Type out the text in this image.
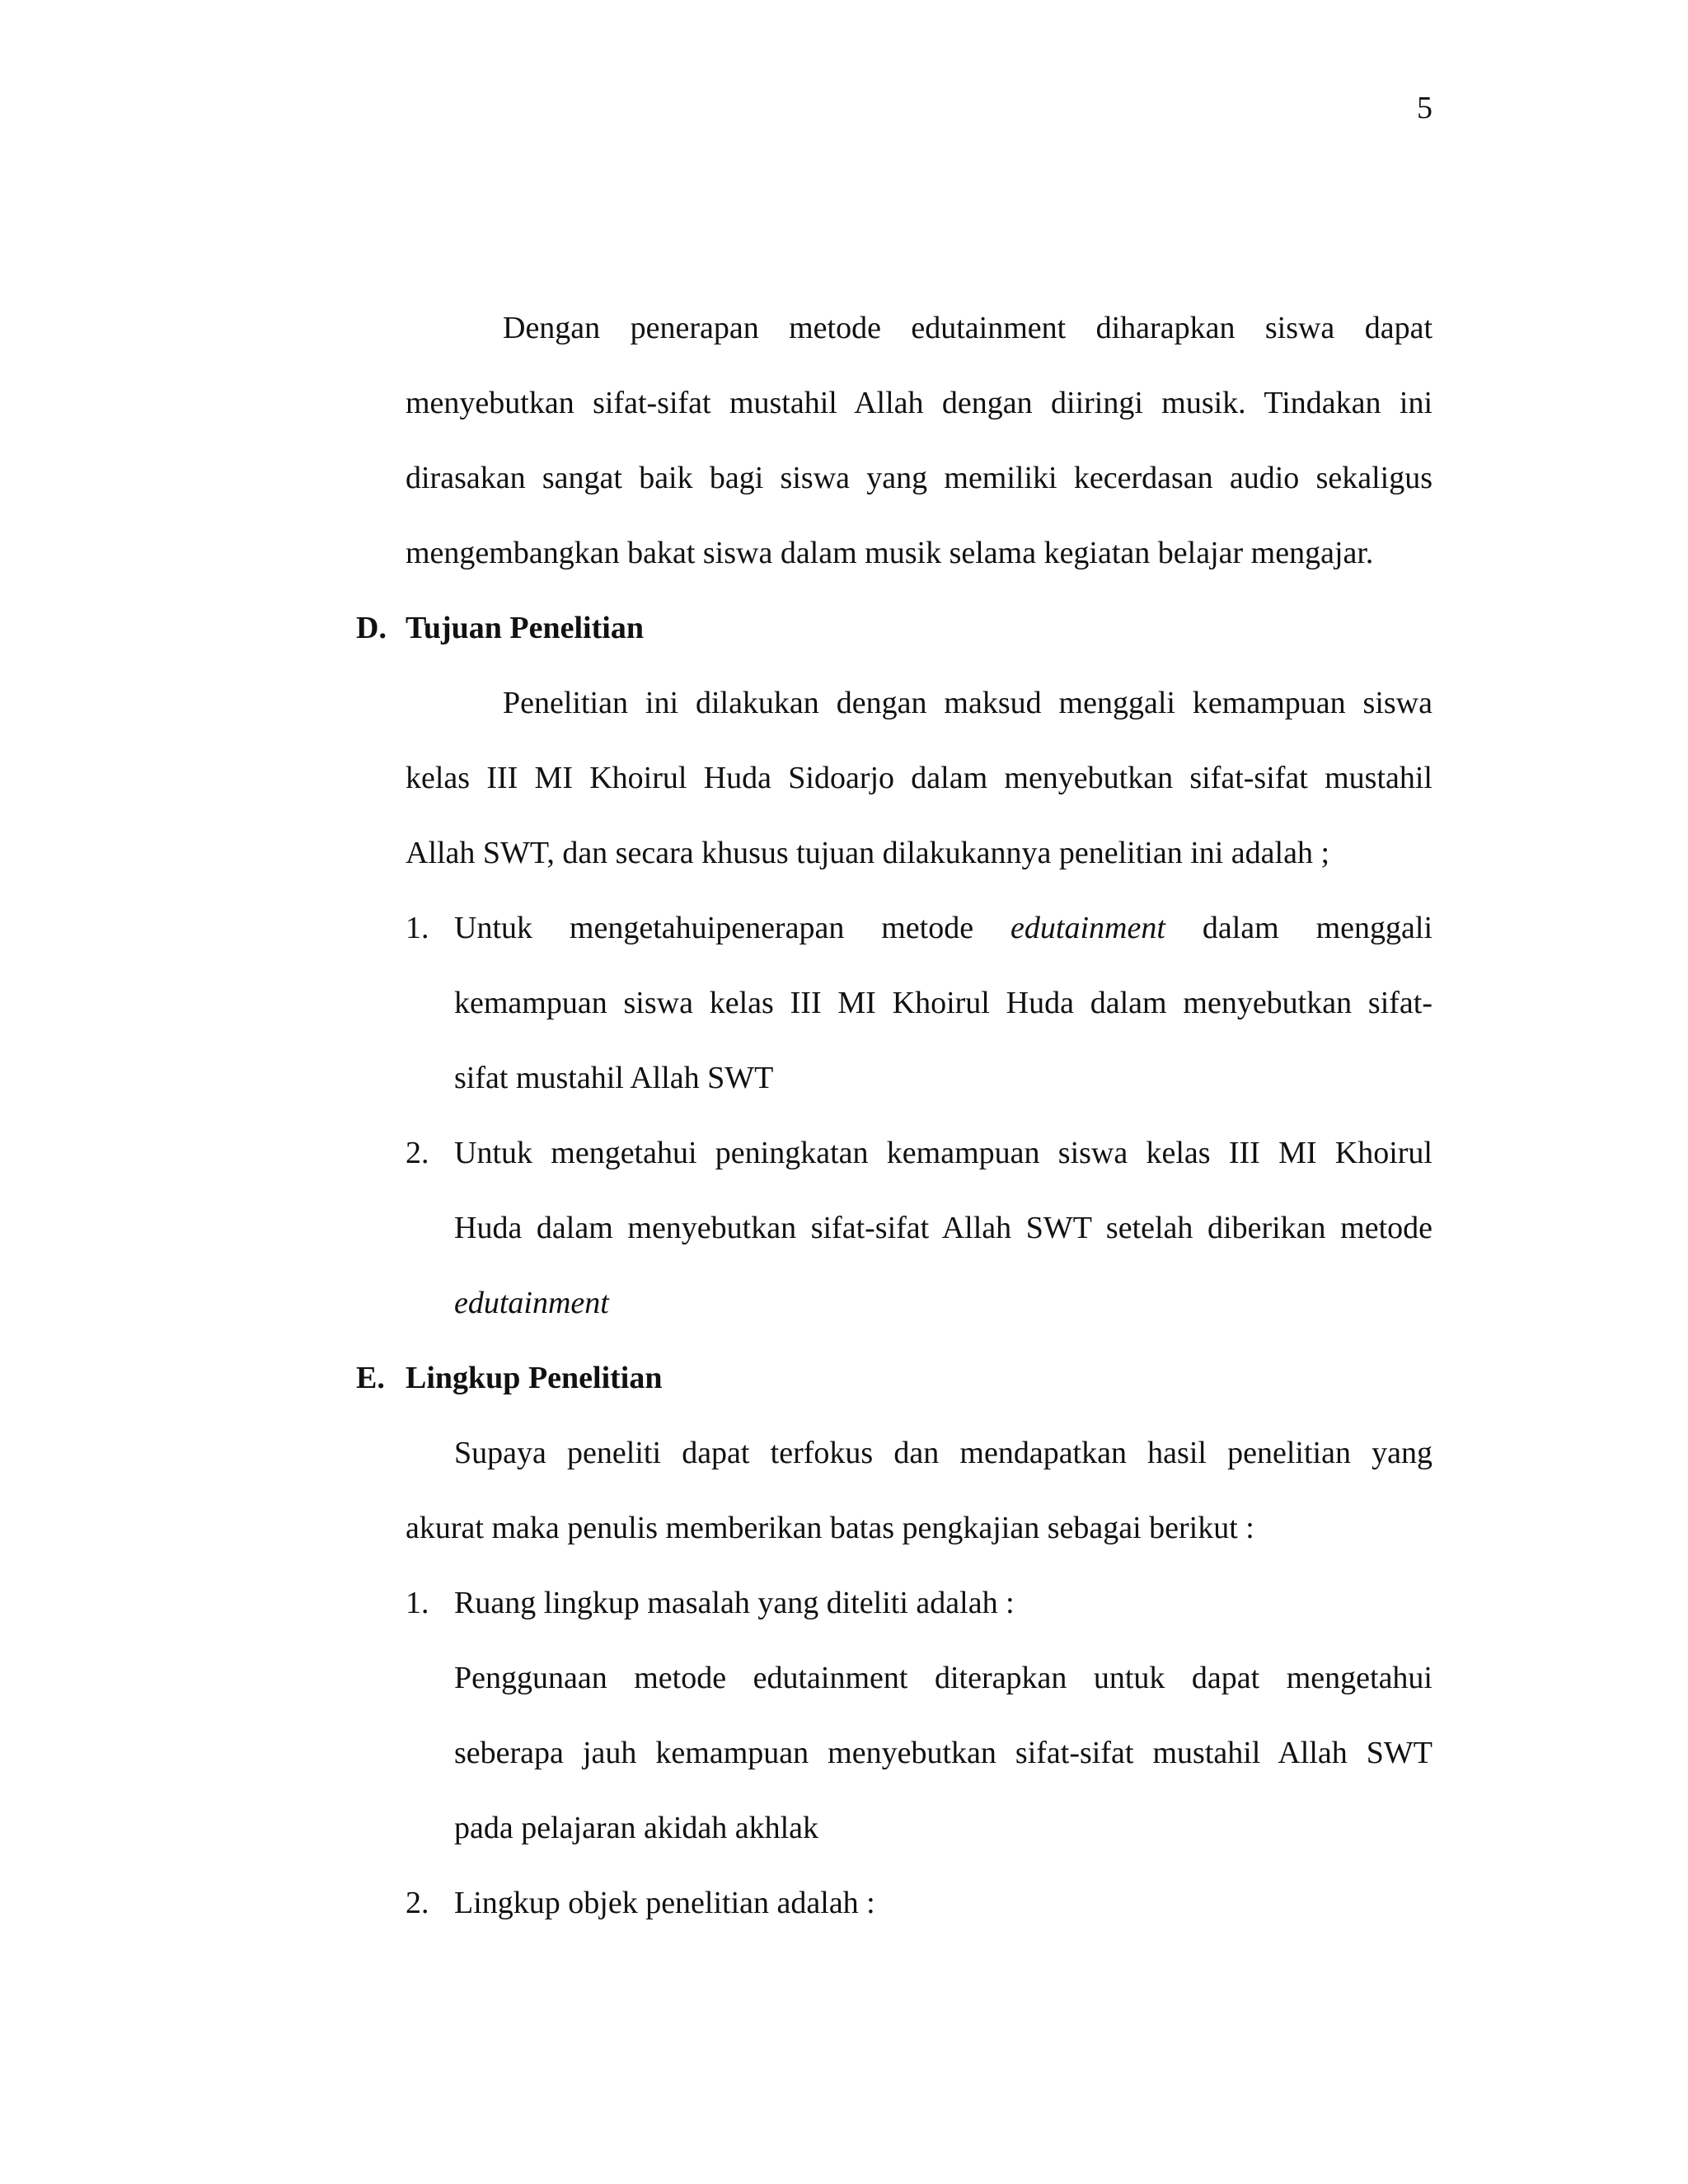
5
Dengan penerapan metode edutainment diharapkan siswa dapat
menyebutkan sifat-sifat mustahil Allah dengan diiringi musik. Tindakan ini
dirasakan sangat baik bagi siswa yang memiliki kecerdasan audio sekaligus
mengembangkan bakat siswa dalam musik selama kegiatan belajar mengajar.
D. Tujuan Penelitian
Penelitian ini dilakukan dengan maksud menggali kemampuan siswa
kelas III MI Khoirul Huda Sidoarjo dalam menyebutkan sifat-sifat mustahil
Allah SWT, dan secara khusus tujuan dilakukannya penelitian ini adalah ;
1. Untuk mengetahuipenerapan metode edutainment dalam menggali
kemampuan siswa kelas III MI Khoirul Huda dalam menyebutkan sifat-
sifat mustahil Allah SWT
2. Untuk mengetahui peningkatan kemampuan siswa kelas III MI Khoirul
Huda dalam menyebutkan sifat-sifat Allah SWT setelah diberikan metode
edutainment
E. Lingkup Penelitian
Supaya peneliti dapat terfokus dan mendapatkan hasil penelitian yang
akurat maka penulis memberikan batas pengkajian sebagai berikut :
1. Ruang lingkup masalah yang diteliti adalah :
Penggunaan metode edutainment diterapkan untuk dapat mengetahui
seberapa jauh kemampuan menyebutkan sifat-sifat mustahil Allah SWT
pada pelajaran akidah akhlak
2. Lingkup objek penelitian adalah :
